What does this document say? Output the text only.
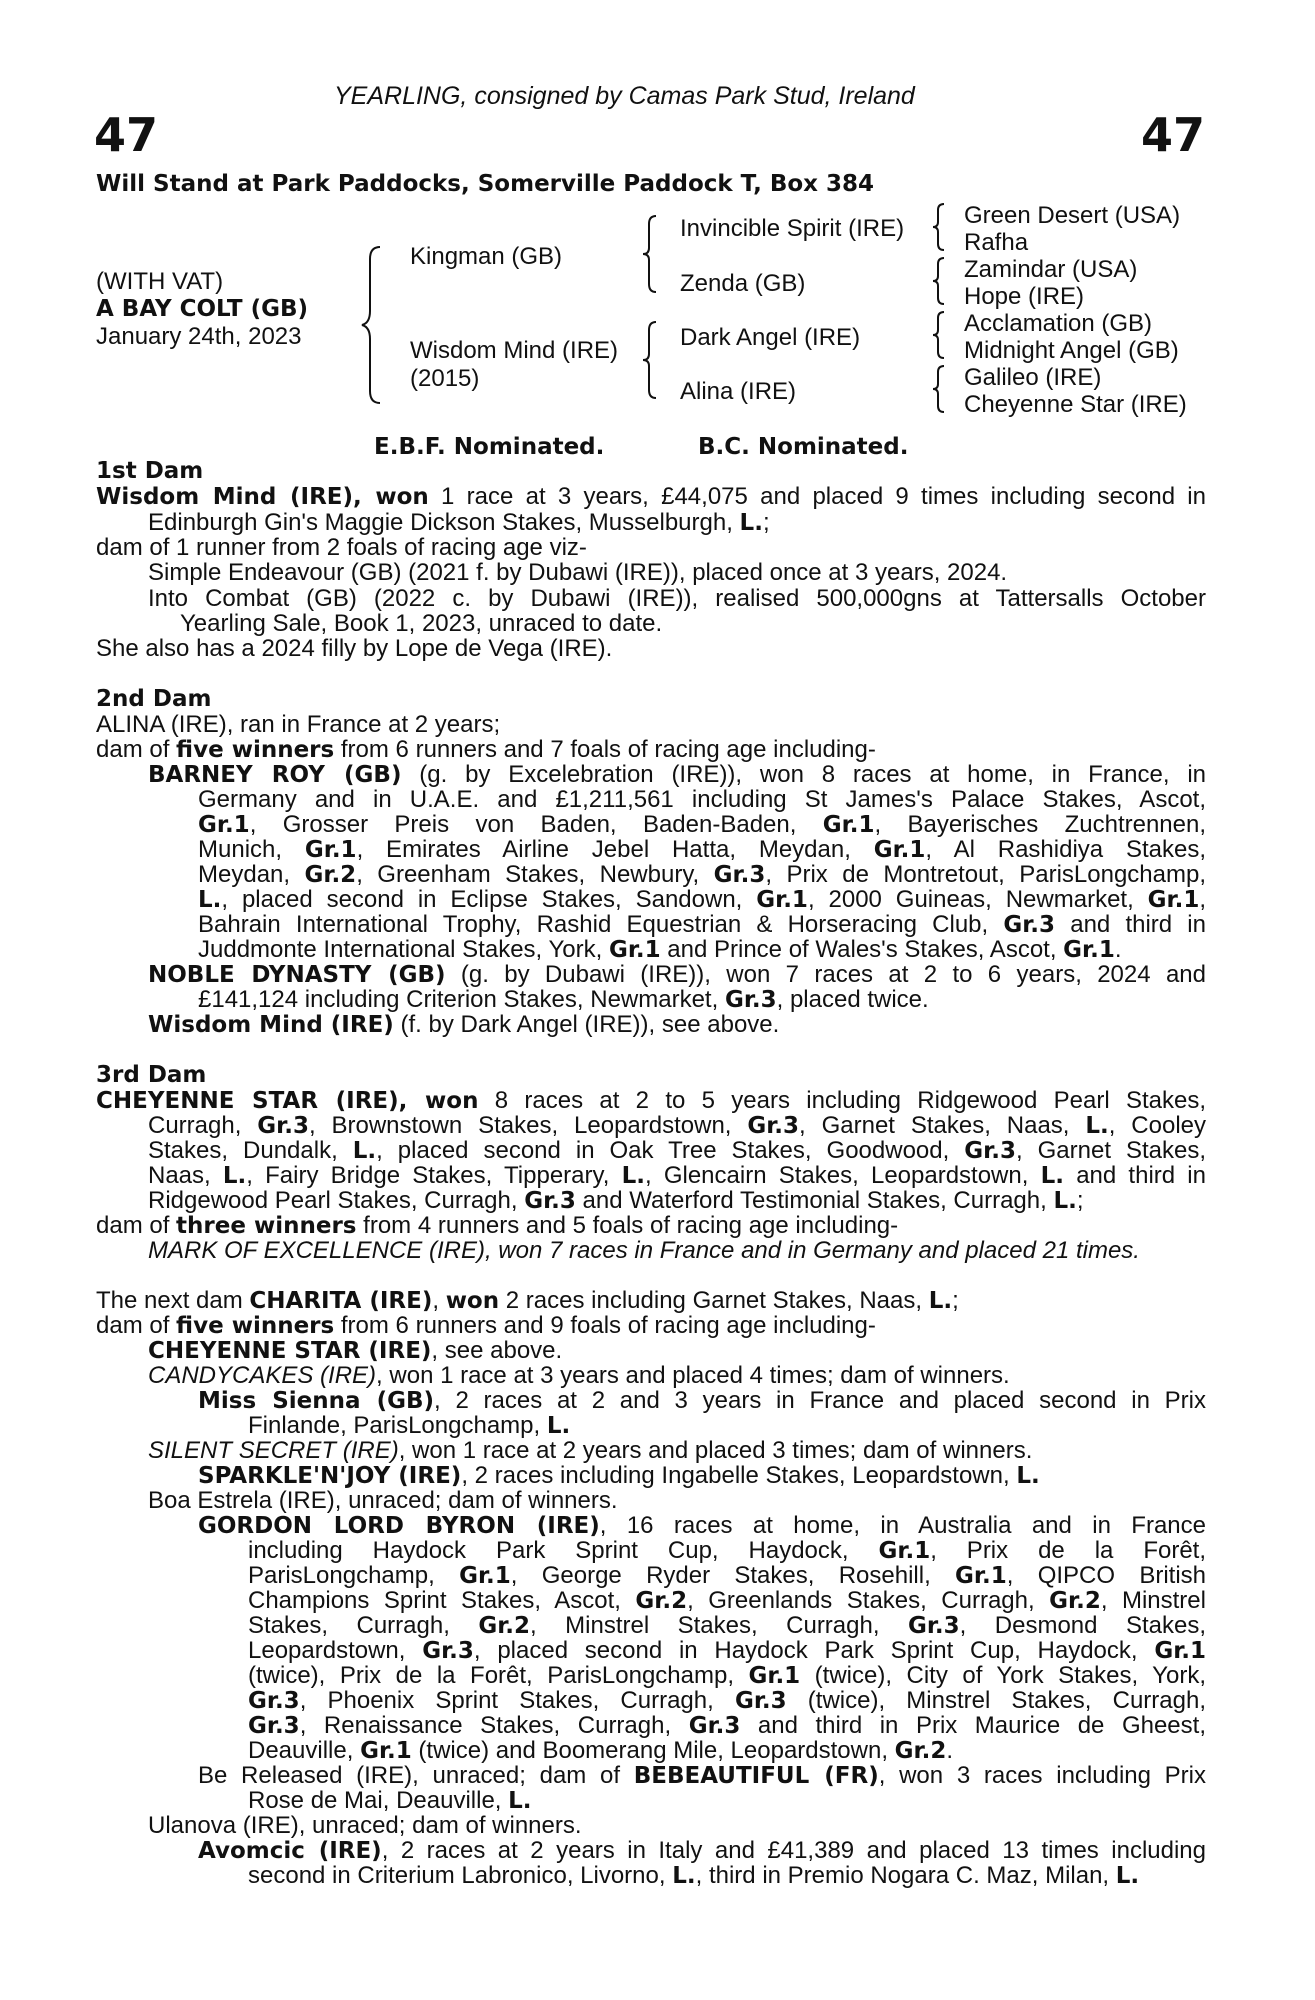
47	47
YEARLING, consigned by Camas Park Stud, Ireland
Will Stand at Park Paddocks, Somerville Paddock T, Box 384
(WITH VAT)
A BAY COLT (GB)
January 24th, 2023
Kingman (GB)
Wisdom Mind (IRE)
(2015)
Invincible Spirit (IRE)
Zenda (GB)
Dark Angel (IRE)
Alina (IRE)
Green Desert (USA)
Rafha
Zamindar (USA)
Hope (IRE)
Acclamation (GB)
Midnight Angel (GB)
Galileo (IRE)
Cheyenne Star (IRE)
E.B.F. Nominated.	B.C. Nominated.
1st Dam
Wisdom Mind (IRE), won 1 race at 3 years, £44,075 and placed 9 times including second in
Edinburgh Gin's Maggie Dickson Stakes, Musselburgh, L.;
dam of 1 runner from 2 foals of racing age viz-
Simple Endeavour (GB) (2021 f. by Dubawi (IRE)), placed once at 3 years, 2024.
Into Combat (GB) (2022 c. by Dubawi (IRE)), realised 500,000gns at Tattersalls October
Yearling Sale, Book 1, 2023, unraced to date.
She also has a 2024 filly by Lope de Vega (IRE).
2nd Dam
ALINA (IRE), ran in France at 2 years;
dam of five winners from 6 runners and 7 foals of racing age including-
BARNEY ROY (GB) (g. by Excelebration (IRE)), won 8 races at home, in France, in
Germany and in U.A.E. and £1,211,561 including St James's Palace Stakes, Ascot,
Gr.1, Grosser Preis von Baden, Baden-Baden, Gr.1, Bayerisches Zuchtrennen,
Munich, Gr.1, Emirates Airline Jebel Hatta, Meydan, Gr.1, Al Rashidiya Stakes,
Meydan, Gr.2, Greenham Stakes, Newbury, Gr.3, Prix de Montretout, ParisLongchamp,
L., placed second in Eclipse Stakes, Sandown, Gr.1, 2000 Guineas, Newmarket, Gr.1,
Bahrain International Trophy, Rashid Equestrian & Horseracing Club, Gr.3 and third in
Juddmonte International Stakes, York, Gr.1 and Prince of Wales's Stakes, Ascot, Gr.1.
NOBLE DYNASTY (GB) (g. by Dubawi (IRE)), won 7 races at 2 to 6 years, 2024 and
£141,124 including Criterion Stakes, Newmarket, Gr.3, placed twice.
Wisdom Mind (IRE) (f. by Dark Angel (IRE)), see above.
3rd Dam
CHEYENNE STAR (IRE), won 8 races at 2 to 5 years including Ridgewood Pearl Stakes,
Curragh, Gr.3, Brownstown Stakes, Leopardstown, Gr.3, Garnet Stakes, Naas, L., Cooley
Stakes, Dundalk, L., placed second in Oak Tree Stakes, Goodwood, Gr.3, Garnet Stakes,
Naas, L., Fairy Bridge Stakes, Tipperary, L., Glencairn Stakes, Leopardstown, L. and third in
Ridgewood Pearl Stakes, Curragh, Gr.3 and Waterford Testimonial Stakes, Curragh, L.;
dam of three winners from 4 runners and 5 foals of racing age including-
MARK OF EXCELLENCE (IRE), won 7 races in France and in Germany and placed 21 times.
The next dam CHARITA (IRE), won 2 races including Garnet Stakes, Naas, L.;
dam of five winners from 6 runners and 9 foals of racing age including-
CHEYENNE STAR (IRE), see above.
CANDYCAKES (IRE), won 1 race at 3 years and placed 4 times; dam of winners.
Miss Sienna (GB), 2 races at 2 and 3 years in France and placed second in Prix
Finlande, ParisLongchamp, L.
SILENT SECRET (IRE), won 1 race at 2 years and placed 3 times; dam of winners.
SPARKLE'N'JOY (IRE), 2 races including Ingabelle Stakes, Leopardstown, L.
Boa Estrela (IRE), unraced; dam of winners.
GORDON LORD BYRON (IRE), 16 races at home, in Australia and in France
including Haydock Park Sprint Cup, Haydock, Gr.1, Prix de la Forêt,
ParisLongchamp, Gr.1, George Ryder Stakes, Rosehill, Gr.1, QIPCO British
Champions Sprint Stakes, Ascot, Gr.2, Greenlands Stakes, Curragh, Gr.2, Minstrel
Stakes, Curragh, Gr.2, Minstrel Stakes, Curragh, Gr.3, Desmond Stakes,
Leopardstown, Gr.3, placed second in Haydock Park Sprint Cup, Haydock, Gr.1
(twice), Prix de la Forêt, ParisLongchamp, Gr.1 (twice), City of York Stakes, York,
Gr.3, Phoenix Sprint Stakes, Curragh, Gr.3 (twice), Minstrel Stakes, Curragh,
Gr.3, Renaissance Stakes, Curragh, Gr.3 and third in Prix Maurice de Gheest,
Deauville, Gr.1 (twice) and Boomerang Mile, Leopardstown, Gr.2.
Be Released (IRE), unraced; dam of BEBEAUTIFUL (FR), won 3 races including Prix
Rose de Mai, Deauville, L.
Ulanova (IRE), unraced; dam of winners.
Avomcic (IRE), 2 races at 2 years in Italy and £41,389 and placed 13 times including
second in Criterium Labronico, Livorno, L., third in Premio Nogara C. Maz, Milan, L.
